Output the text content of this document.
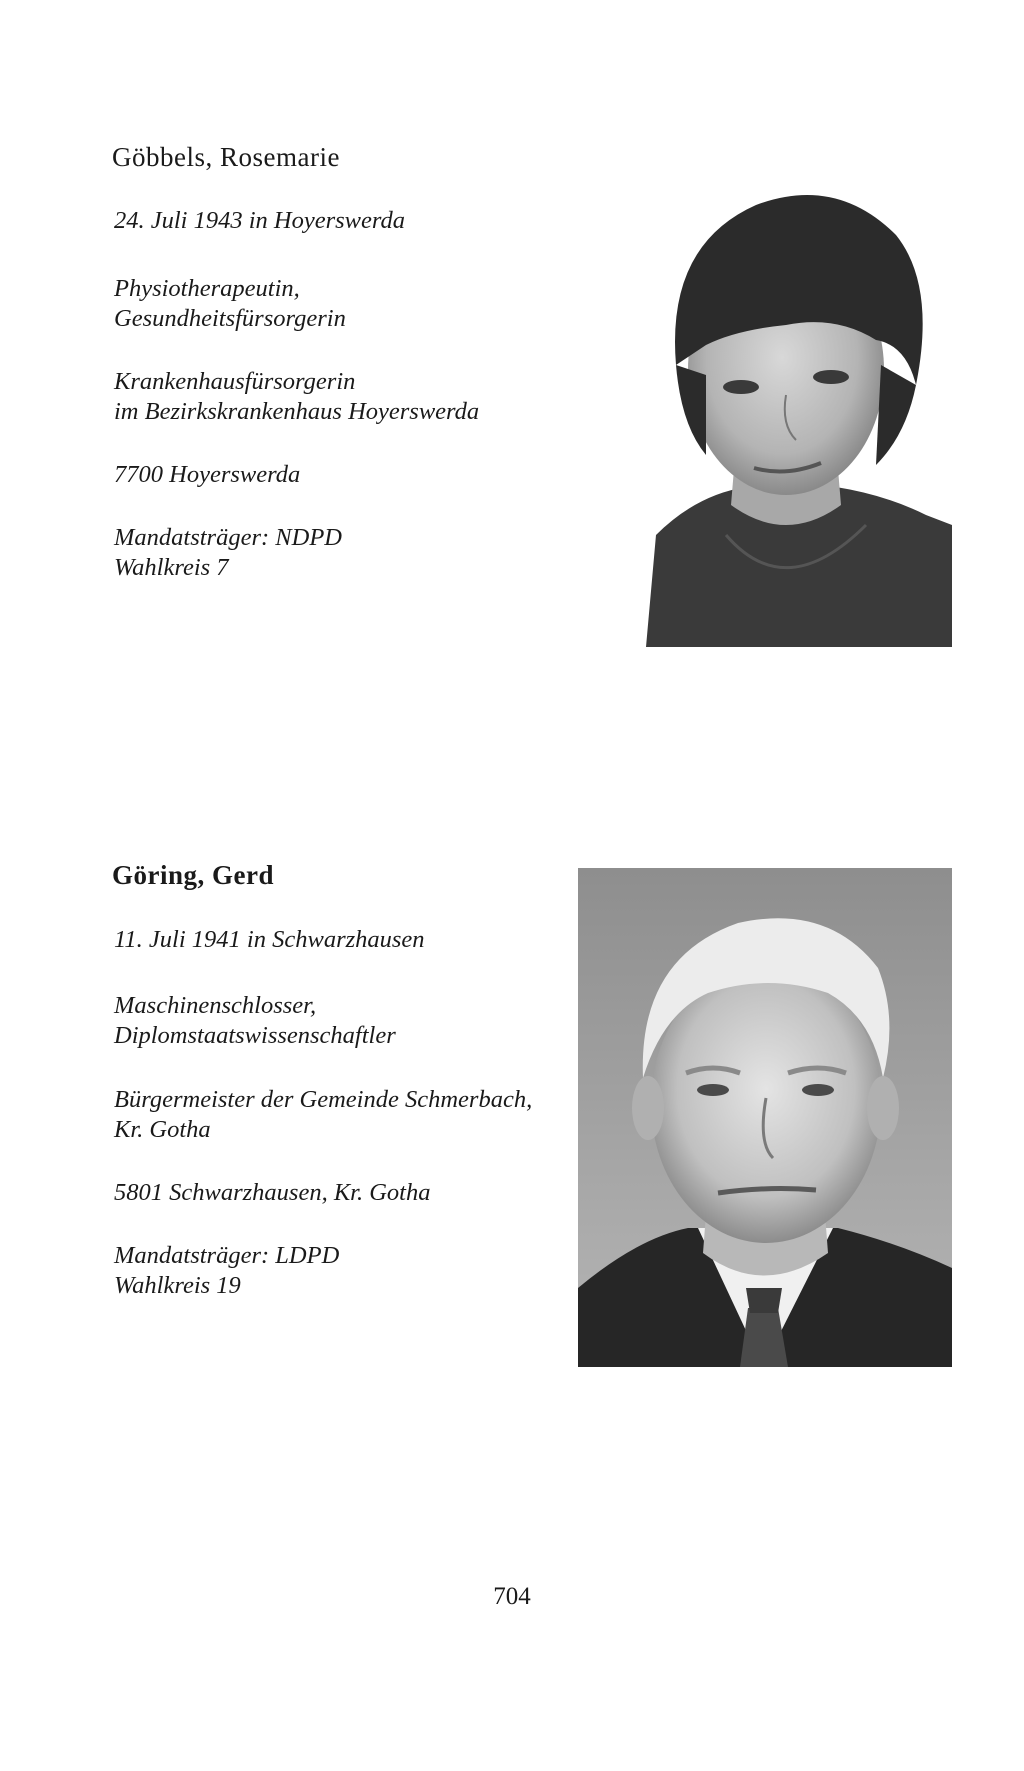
Göbbels, Rosemarie

24. Juli 1943 in Hoyerswerda

Physiotherapeutin,

Gesundheitsfürsorgerin

Krankenhausfürsorgerin

im Bezirkskrankenhaus Hoyerswerda

7700 Hoyerswerda

Mandatsträger: NDPD

Wahlkreis 7

Göring, Gerd

11. Juli 1941 in Schwarzhausen

Maschinenschlosser,

Diplomstaatswissenschaftler

Bürgermeister der Gemeinde Schmerbach,

Kr. Gotha

5801 Schwarzhausen, Kr. Gotha

Mandatsträger: LDPD

Wahlkreis 19

704
